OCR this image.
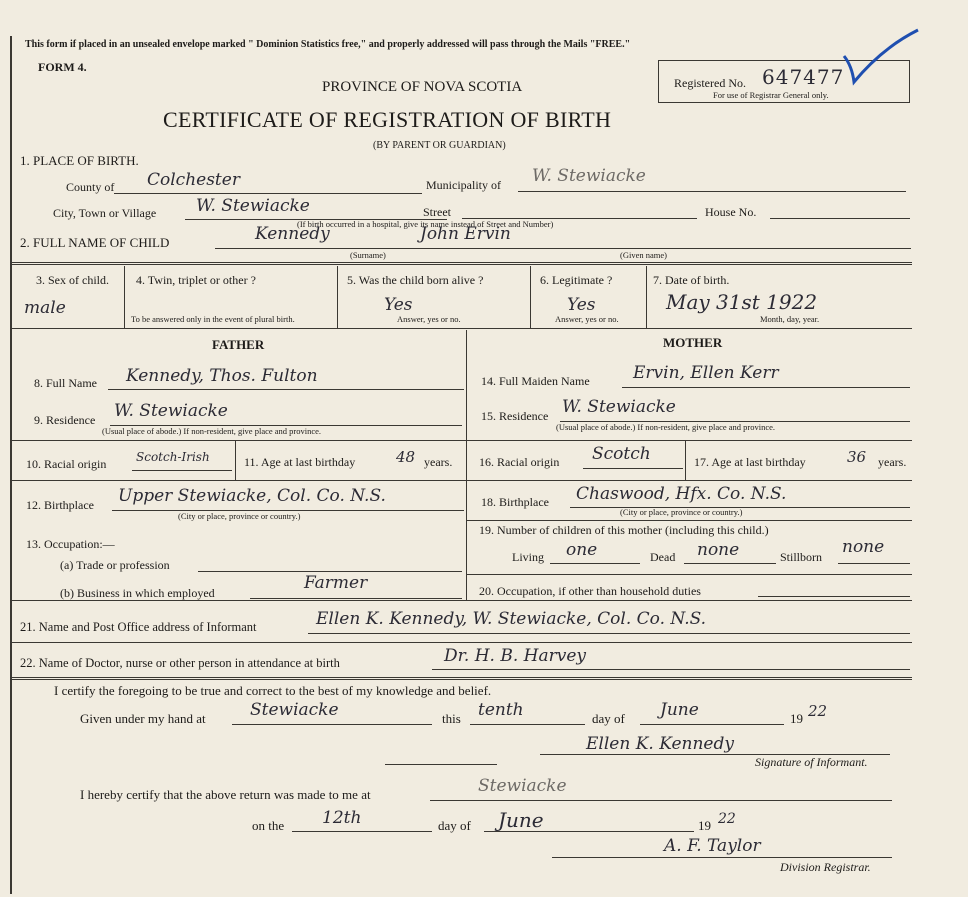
This form if placed in an unsealed envelope marked " Dominion Statistics free," and properly addressed will pass through the Mails "FREE."
FORM 4.
PROVINCE OF NOVA SCOTIA
CERTIFICATE OF REGISTRATION OF BIRTH
(BY PARENT OR GUARDIAN)
Registered No. 647477
For use of Registrar General only.
1. PLACE OF BIRTH.
County of Colchester	Municipality of W. Stewiacke
City, Town or Village W. Stewiacke
(If birth occurred in a hospital, give its name instead of Street and Number)
Street	House No.
2. FULL NAME OF CHILD	Kennedy	John Ervin
(Surname)	(Given name)
3. Sex of child.
male
4. Twin, triplet or other ?
To be answered only in the event of plural birth.
5. Was the child born alive ?
Yes
Answer, yes or no.
6. Legitimate ?
Yes
Answer, yes or no.
7. Date of birth.
May 31st 1922
Month, day, year.
FATHER	MOTHER
8. Full Name Kennedy, Thos. Fulton	14. Full Maiden Name	Ervin, Ellen Kerr
9. Residence W. Stewiacke
(Usual place of abode.) If non-resident, give place and province.
15. Residence W. Stewiacke
(Usual place of abode.) If non-resident, give place and province.
10. Racial origin Scotch-Irish	11. Age at last birthday	48 years. 16. Racial origin Scotch	17. Age at last birthday	36 years.
12. Birthplace Upper Stewiacke, Col. Co. N.S.
(City or place, province or country.)
18. Birthplace Chaswood, Hfx. Co. N.S.
(City or place, province or country.)
13. Occupation:—
(a) Trade or profession
(b) Business in which employed	Farmer
19. Number of children of this mother (including this child.)
Living one	Dead none	Stillborn none
20. Occupation, if other than household duties
21. Name and Post Office address of Informant	Ellen K. Kennedy, W. Stewiacke, Col. Co. N.S.
22. Name of Doctor, nurse or other person in attendance at birth	Dr. H. B. Harvey
I certify the foregoing to be true and correct to the best of my knowledge and belief.
Given under my hand at	Stewiacke	this tenth	day of June	19 22
Ellen K. Kennedy
Signature of Informant.
I hereby certify that the above return was made to me at	Stewiacke
on the 12th	day of June	19 22
A. F. Taylor
Division Registrar.
